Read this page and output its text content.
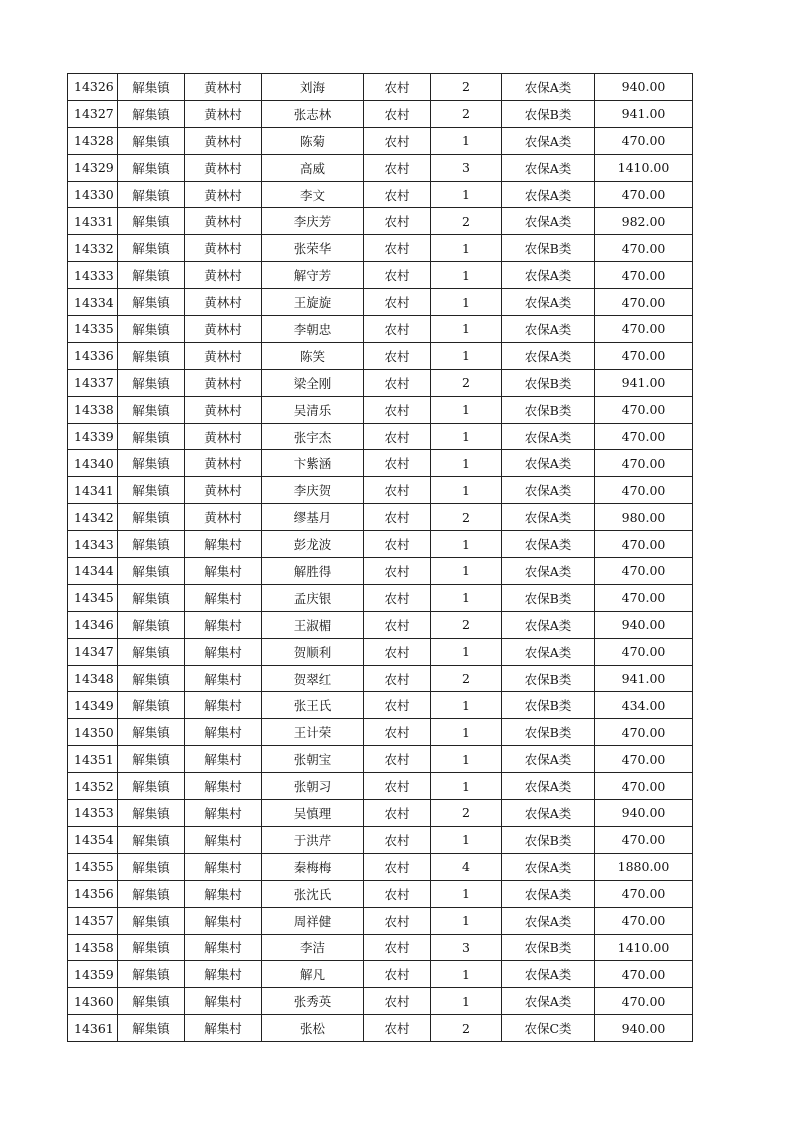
14326	解集镇	黄林村	刘海	农村	2	农保A类	940.00
14327	解集镇	黄林村	张志林	农村	2	农保B类	941.00
14328	解集镇	黄林村	陈菊	农村	1	农保A类	470.00
14329	解集镇	黄林村	高威	农村	3	农保A类	1410.00
14330	解集镇	黄林村	李文	农村	1	农保A类	470.00
14331	解集镇	黄林村	李庆芳	农村	2	农保A类	982.00
14332	解集镇	黄林村	张荣华	农村	1	农保B类	470.00
14333	解集镇	黄林村	解守芳	农村	1	农保A类	470.00
14334	解集镇	黄林村	王旋旋	农村	1	农保A类	470.00
14335	解集镇	黄林村	李朝忠	农村	1	农保A类	470.00
14336	解集镇	黄林村	陈笑	农村	1	农保A类	470.00
14337	解集镇	黄林村	梁全刚	农村	2	农保B类	941.00
14338	解集镇	黄林村	吴清乐	农村	1	农保B类	470.00
14339	解集镇	黄林村	张宇杰	农村	1	农保A类	470.00
14340	解集镇	黄林村	卞紫涵	农村	1	农保A类	470.00
14341	解集镇	黄林村	李庆贺	农村	1	农保A类	470.00
14342	解集镇	黄林村	缪基月	农村	2	农保A类	980.00
14343	解集镇	解集村	彭龙波	农村	1	农保A类	470.00
14344	解集镇	解集村	解胜得	农村	1	农保A类	470.00
14345	解集镇	解集村	孟庆银	农村	1	农保B类	470.00
14346	解集镇	解集村	王淑楣	农村	2	农保A类	940.00
14347	解集镇	解集村	贺顺利	农村	1	农保A类	470.00
14348	解集镇	解集村	贺翠红	农村	2	农保B类	941.00
14349	解集镇	解集村	张王氏	农村	1	农保B类	434.00
14350	解集镇	解集村	王计荣	农村	1	农保B类	470.00
14351	解集镇	解集村	张朝宝	农村	1	农保A类	470.00
14352	解集镇	解集村	张朝习	农村	1	农保A类	470.00
14353	解集镇	解集村	吴慎理	农村	2	农保A类	940.00
14354	解集镇	解集村	于洪芹	农村	1	农保B类	470.00
14355	解集镇	解集村	秦梅梅	农村	4	农保A类	1880.00
14356	解集镇	解集村	张沈氏	农村	1	农保A类	470.00
14357	解集镇	解集村	周祥健	农村	1	农保A类	470.00
14358	解集镇	解集村	李洁	农村	3	农保B类	1410.00
14359	解集镇	解集村	解凡	农村	1	农保A类	470.00
14360	解集镇	解集村	张秀英	农村	1	农保A类	470.00
14361	解集镇	解集村	张松	农村	2	农保C类	940.00
